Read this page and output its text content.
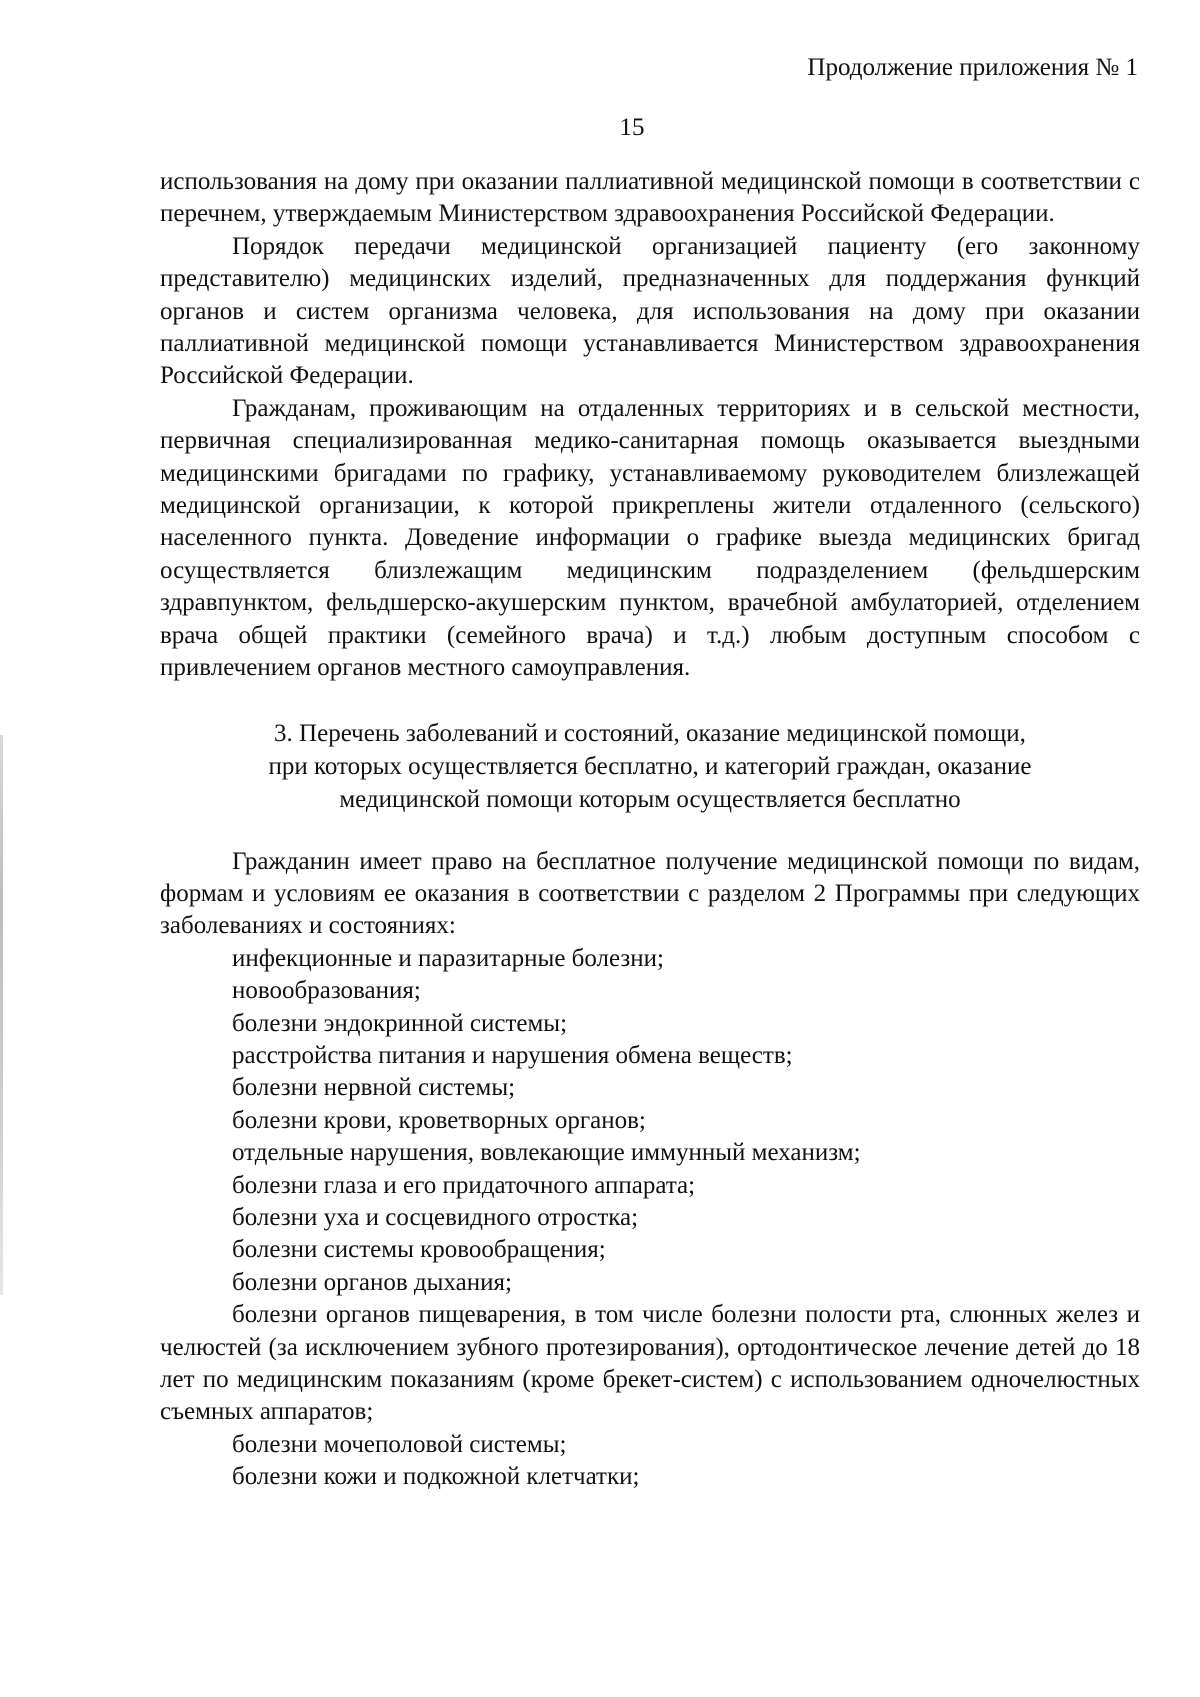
Продолжение приложения № 1
15

использования на дому при оказании паллиативной медицинской помощи в соответствии с перечнем, утверждаемым Министерством здравоохранения Российской Федерации.

Порядок передачи медицинской организацией пациенту (его законному представителю) медицинских изделий, предназначенных для поддержания функций органов и систем организма человека, для использования на дому при оказании паллиативной медицинской помощи устанавливается Министерством здравоохранения Российской Федерации.

Гражданам, проживающим на отдаленных территориях и в сельской местности, первичная специализированная медико-санитарная помощь оказывается выездными медицинскими бригадами по графику, устанавливаемому руководителем близлежащей медицинской организации, к которой прикреплены жители отдаленного (сельского) населенного пункта. Доведение информации о графике выезда медицинских бригад осуществляется близлежащим медицинским подразделением (фельдшерским здравпунктом, фельдшерско-акушерским пунктом, врачебной амбулаторией, отделением врача общей практики (семейного врача) и т.д.) любым доступным способом с привлечением органов местного самоуправления.

3. Перечень заболеваний и состояний, оказание медицинской помощи,
при которых осуществляется бесплатно, и категорий граждан, оказание
медицинской помощи которым осуществляется бесплатно

Гражданин имеет право на бесплатное получение медицинской помощи по видам, формам и условиям ее оказания в соответствии с разделом 2 Программы при следующих заболеваниях и состояниях:

инфекционные и паразитарные болезни;
новообразования;
болезни эндокринной системы;
расстройства питания и нарушения обмена веществ;
болезни нервной системы;
болезни крови, кроветворных органов;
отдельные нарушения, вовлекающие иммунный механизм;
болезни глаза и его придаточного аппарата;
болезни уха и сосцевидного отростка;
болезни системы кровообращения;
болезни органов дыхания;
болезни органов пищеварения, в том числе болезни полости рта, слюнных желез и челюстей (за исключением зубного протезирования), ортодонтическое лечение детей до 18 лет по медицинским показаниям (кроме брекет-систем) с использованием одночелюстных съемных аппаратов;
болезни мочеполовой системы;
болезни кожи и подкожной клетчатки;
